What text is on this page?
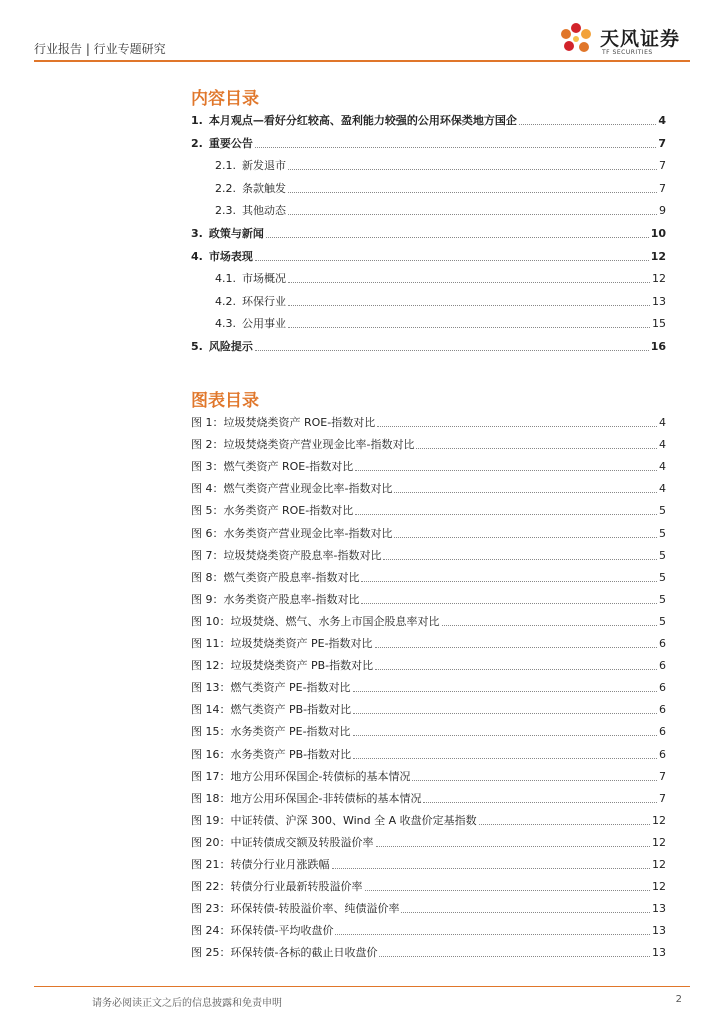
行业报告 | 行业专题研究	天风证券
TF SECURITIES
内容目录
1. 本月观点—看好分红较高、盈利能力较强的公用环保类地方国企	4
2. 重要公告	7
2.1. 新发退市	7
2.2. 条款触发	7
2.3. 其他动态	9
3. 政策与新闻	10
4. 市场表现	12
4.1. 市场概况	12
4.2. 环保行业	13
4.3. 公用事业	15
5. 风险提示	16
图表目录
图 1：垃圾焚烧类资产 ROE-指数对比	4
图 2：垃圾焚烧类资产营业现金比率-指数对比	4
图 3：燃气类资产 ROE-指数对比	4
图 4：燃气类资产营业现金比率-指数对比	4
图 5：水务类资产 ROE-指数对比	5
图 6：水务类资产营业现金比率-指数对比	5
图 7：垃圾焚烧类资产股息率-指数对比	5
图 8：燃气类资产股息率-指数对比	5
图 9：水务类资产股息率-指数对比	5
图 10：垃圾焚烧、燃气、水务上市国企股息率对比	5
图 11：垃圾焚烧类资产 PE-指数对比	6
图 12：垃圾焚烧类资产 PB-指数对比	6
图 13：燃气类资产 PE-指数对比	6
图 14：燃气类资产 PB-指数对比	6
图 15：水务类资产 PE-指数对比	6
图 16：水务类资产 PB-指数对比	6
图 17：地方公用环保国企-转债标的基本情况	7
图 18：地方公用环保国企-非转债标的基本情况	7
图 19：中证转债、沪深 300、Wind 全 A 收盘价定基指数	12
图 20：中证转债成交额及转股溢价率	12
图 21：转债分行业月涨跌幅	12
图 22：转债分行业最新转股溢价率	12
图 23：环保转债-转股溢价率、纯债溢价率	13
图 24：环保转债-平均收盘价	13
图 25：环保转债-各标的截止日收盘价	13
请务必阅读正文之后的信息披露和免责申明	2
